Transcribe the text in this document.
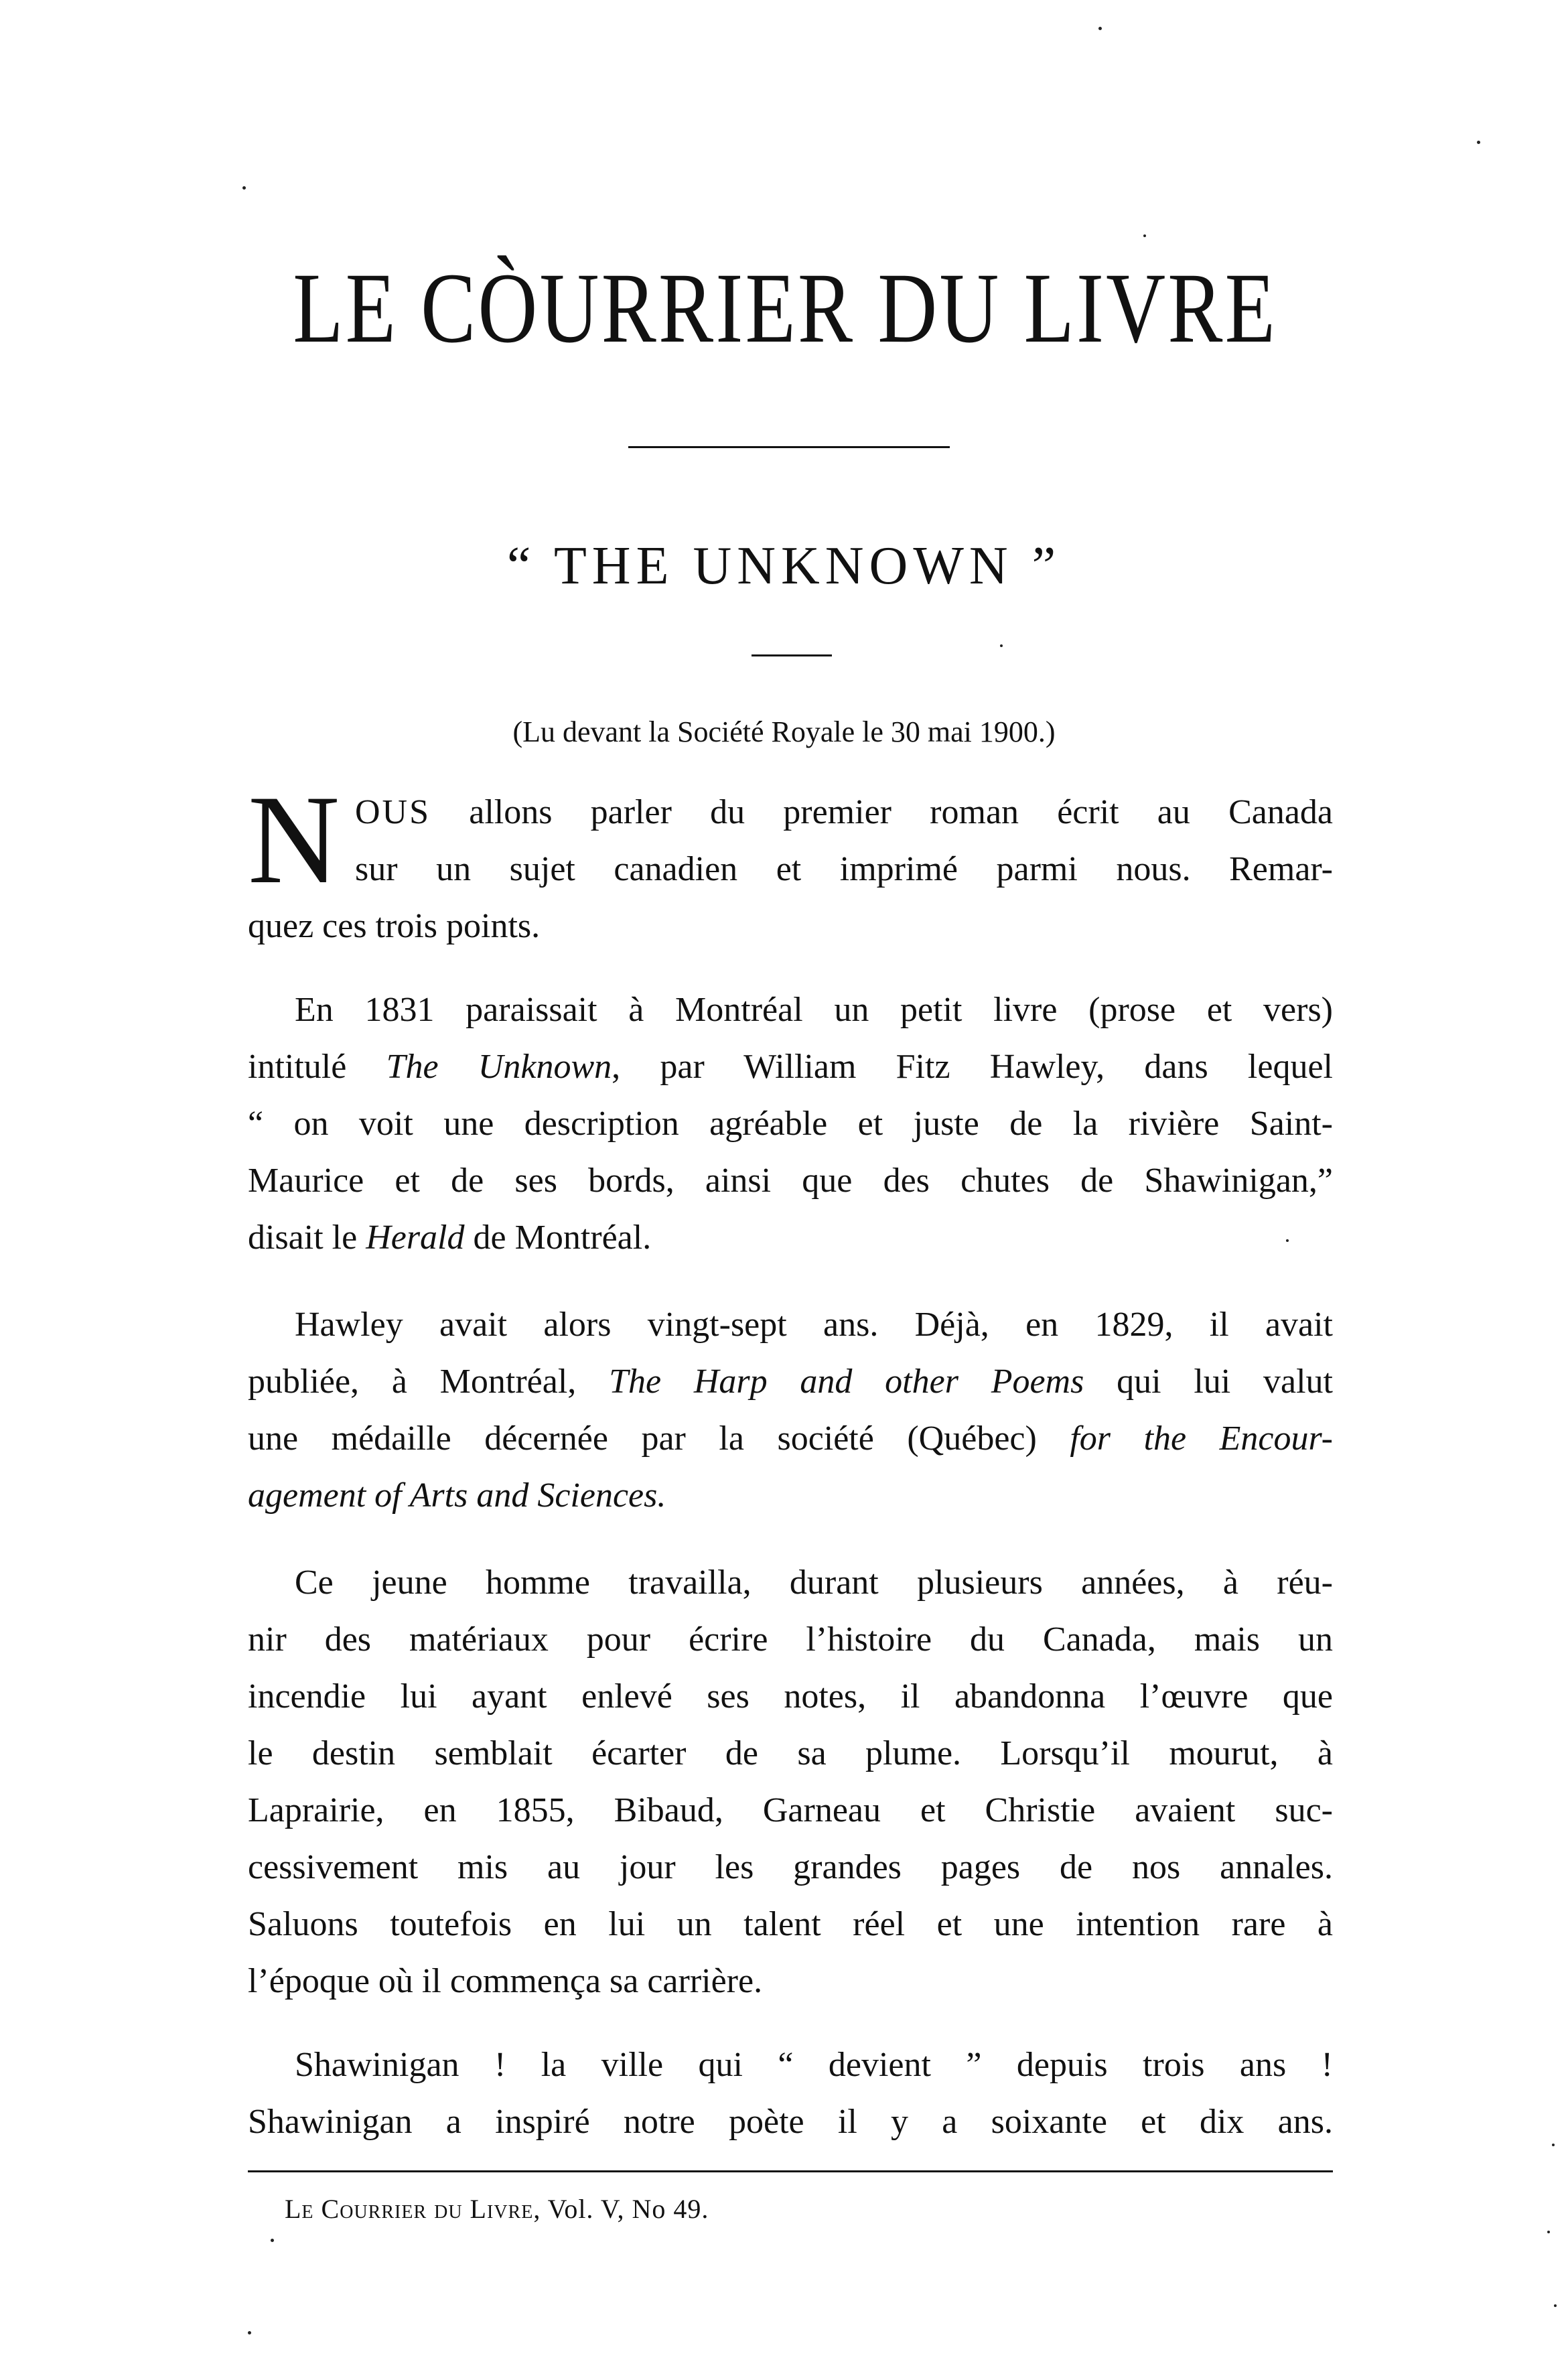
LE CÒURRIER DU LIVRE
“ THE UNKNOWN ”
(Lu devant la Société Royale le 30 mai 1900.)
N OUS allons parler du premier roman écrit au Canada
sur un sujet canadien et imprimé parmi nous. Remar-
quez ces trois points.
En 1831 paraissait à Montréal un petit livre (prose et vers)
intitulé The Unknown, par William Fitz Hawley, dans lequel
“ on voit une description agréable et juste de la rivière Saint-
Maurice et de ses bords, ainsi que des chutes de Shawinigan,”
disait le Herald de Montréal.
Hawley avait alors vingt-sept ans. Déjà, en 1829, il avait
publiée, à Montréal, The Harp and other Poems qui lui valut
une médaille décernée par la société (Québec) for the Encour-
agement of Arts and Sciences.
Ce jeune homme travailla, durant plusieurs années, à réu-
nir des matériaux pour écrire l’histoire du Canada, mais un
incendie lui ayant enlevé ses notes, il abandonna l’œuvre que
le destin semblait écarter de sa plume. Lorsqu’il mourut, à
Laprairie, en 1855, Bibaud, Garneau et Christie avaient suc-
cessivement mis au jour les grandes pages de nos annales.
Saluons toutefois en lui un talent réel et une intention rare à
l’époque où il commença sa carrière.
Shawinigan ! la ville qui “ devient ” depuis trois ans !
Shawinigan a inspiré notre poète il y a soixante et dix ans.
Le Courrier du Livre, Vol. V, No 49.
